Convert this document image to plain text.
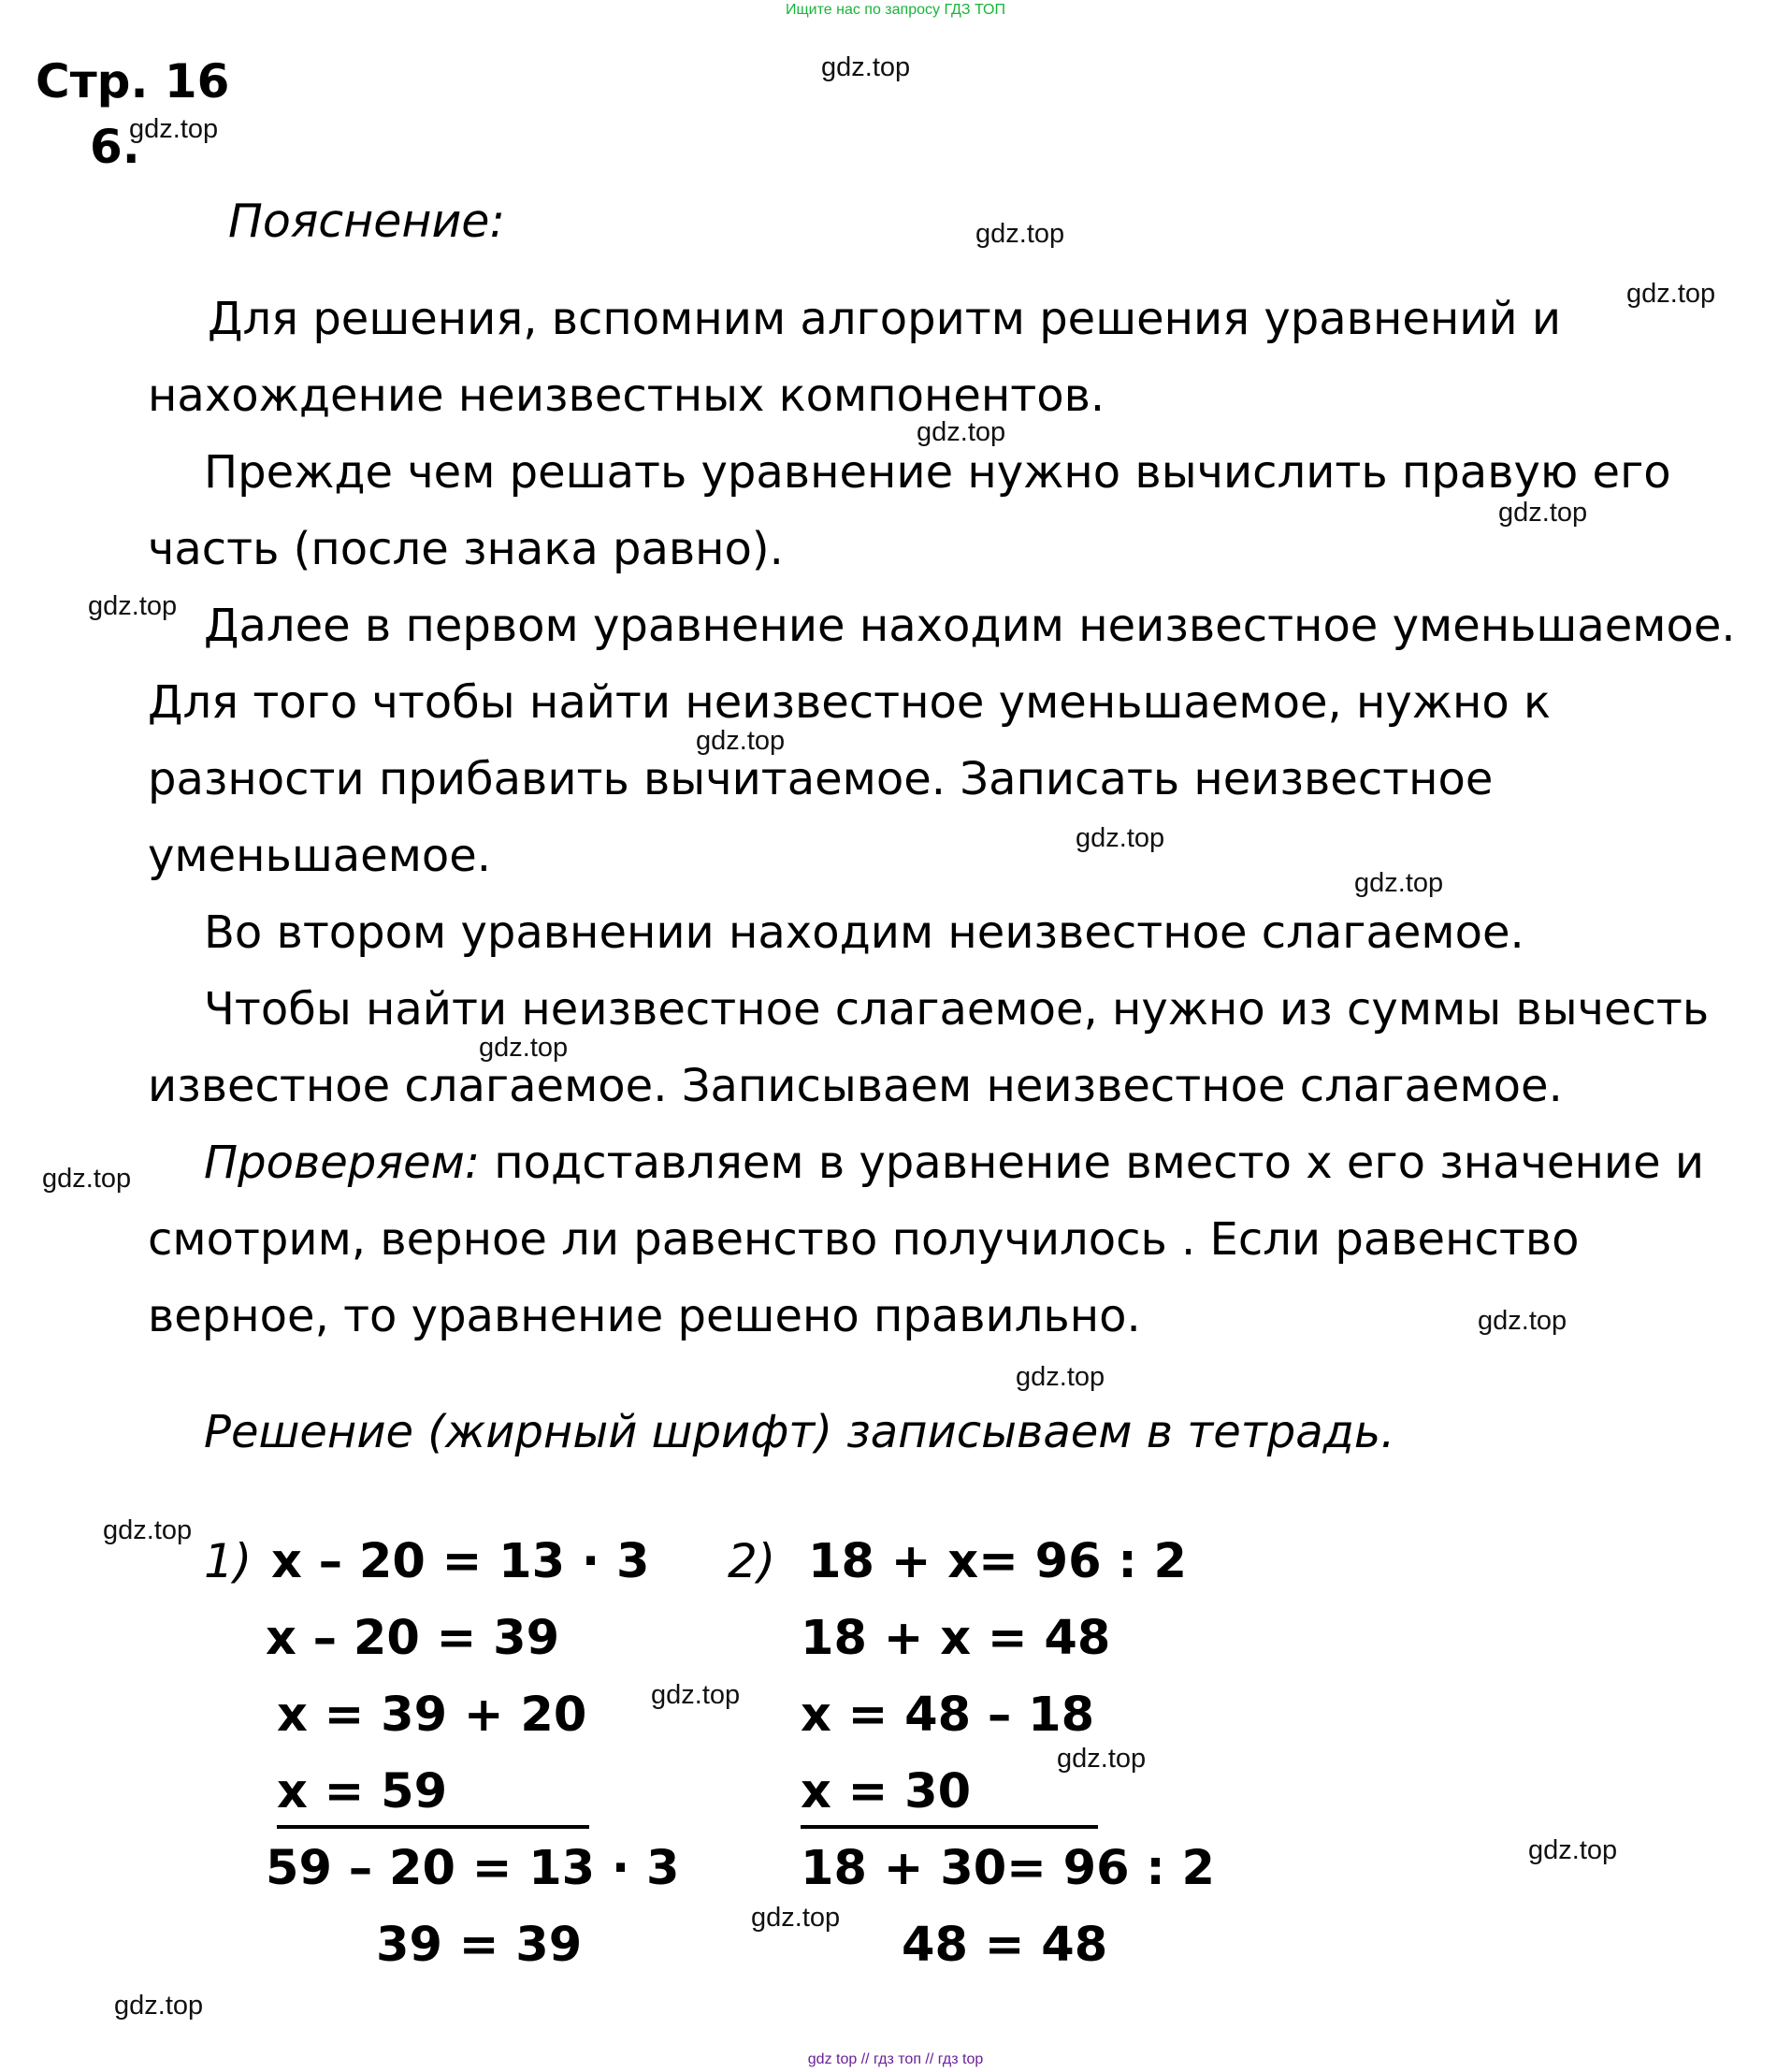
Ищите нас по запросу ГДЗ ТОП
gdz top // гдз топ // гдз top
Стр. 16
6.
gdz.top
gdz.top
gdz.top
gdz.top
gdz.top
gdz.top
gdz.top
gdz.top
gdz.top
gdz.top
gdz.top
gdz.top
gdz.top
gdz.top
gdz.top
gdz.top
gdz.top
gdz.top
gdz.top
gdz.top
Пояснение:
Для решения, вспомним алгоритм решения уравнений и
нахождение неизвестных компонентов.
Прежде чем решать уравнение нужно вычислить правую его
часть (после знака равно).
Далее в первом уравнение находим неизвестное уменьшаемое.
Для того чтобы найти неизвестное уменьшаемое, нужно к
разности прибавить вычитаемое. Записать неизвестное
уменьшаемое.
Во втором уравнении находим неизвестное слагаемое.
Чтобы найти неизвестное слагаемое, нужно из суммы вычесть
известное слагаемое. Записываем неизвестное слагаемое.
Проверяем: подставляем в уравнение вместо х его значение и
смотрим, верное ли равенство получилось . Если равенство
верное, то уравнение решено правильно.
Решение (жирный шрифт) записываем в тетрадь.
1) х – 20 = 13 · 3
х – 20 = 39
х = 39 + 20
х = 59
59 – 20 = 13 · 3
39 = 39
2) 18 + х= 96 : 2
18 + х = 48
х = 48 – 18
х = 30
18 + 30= 96 : 2
48 = 48
